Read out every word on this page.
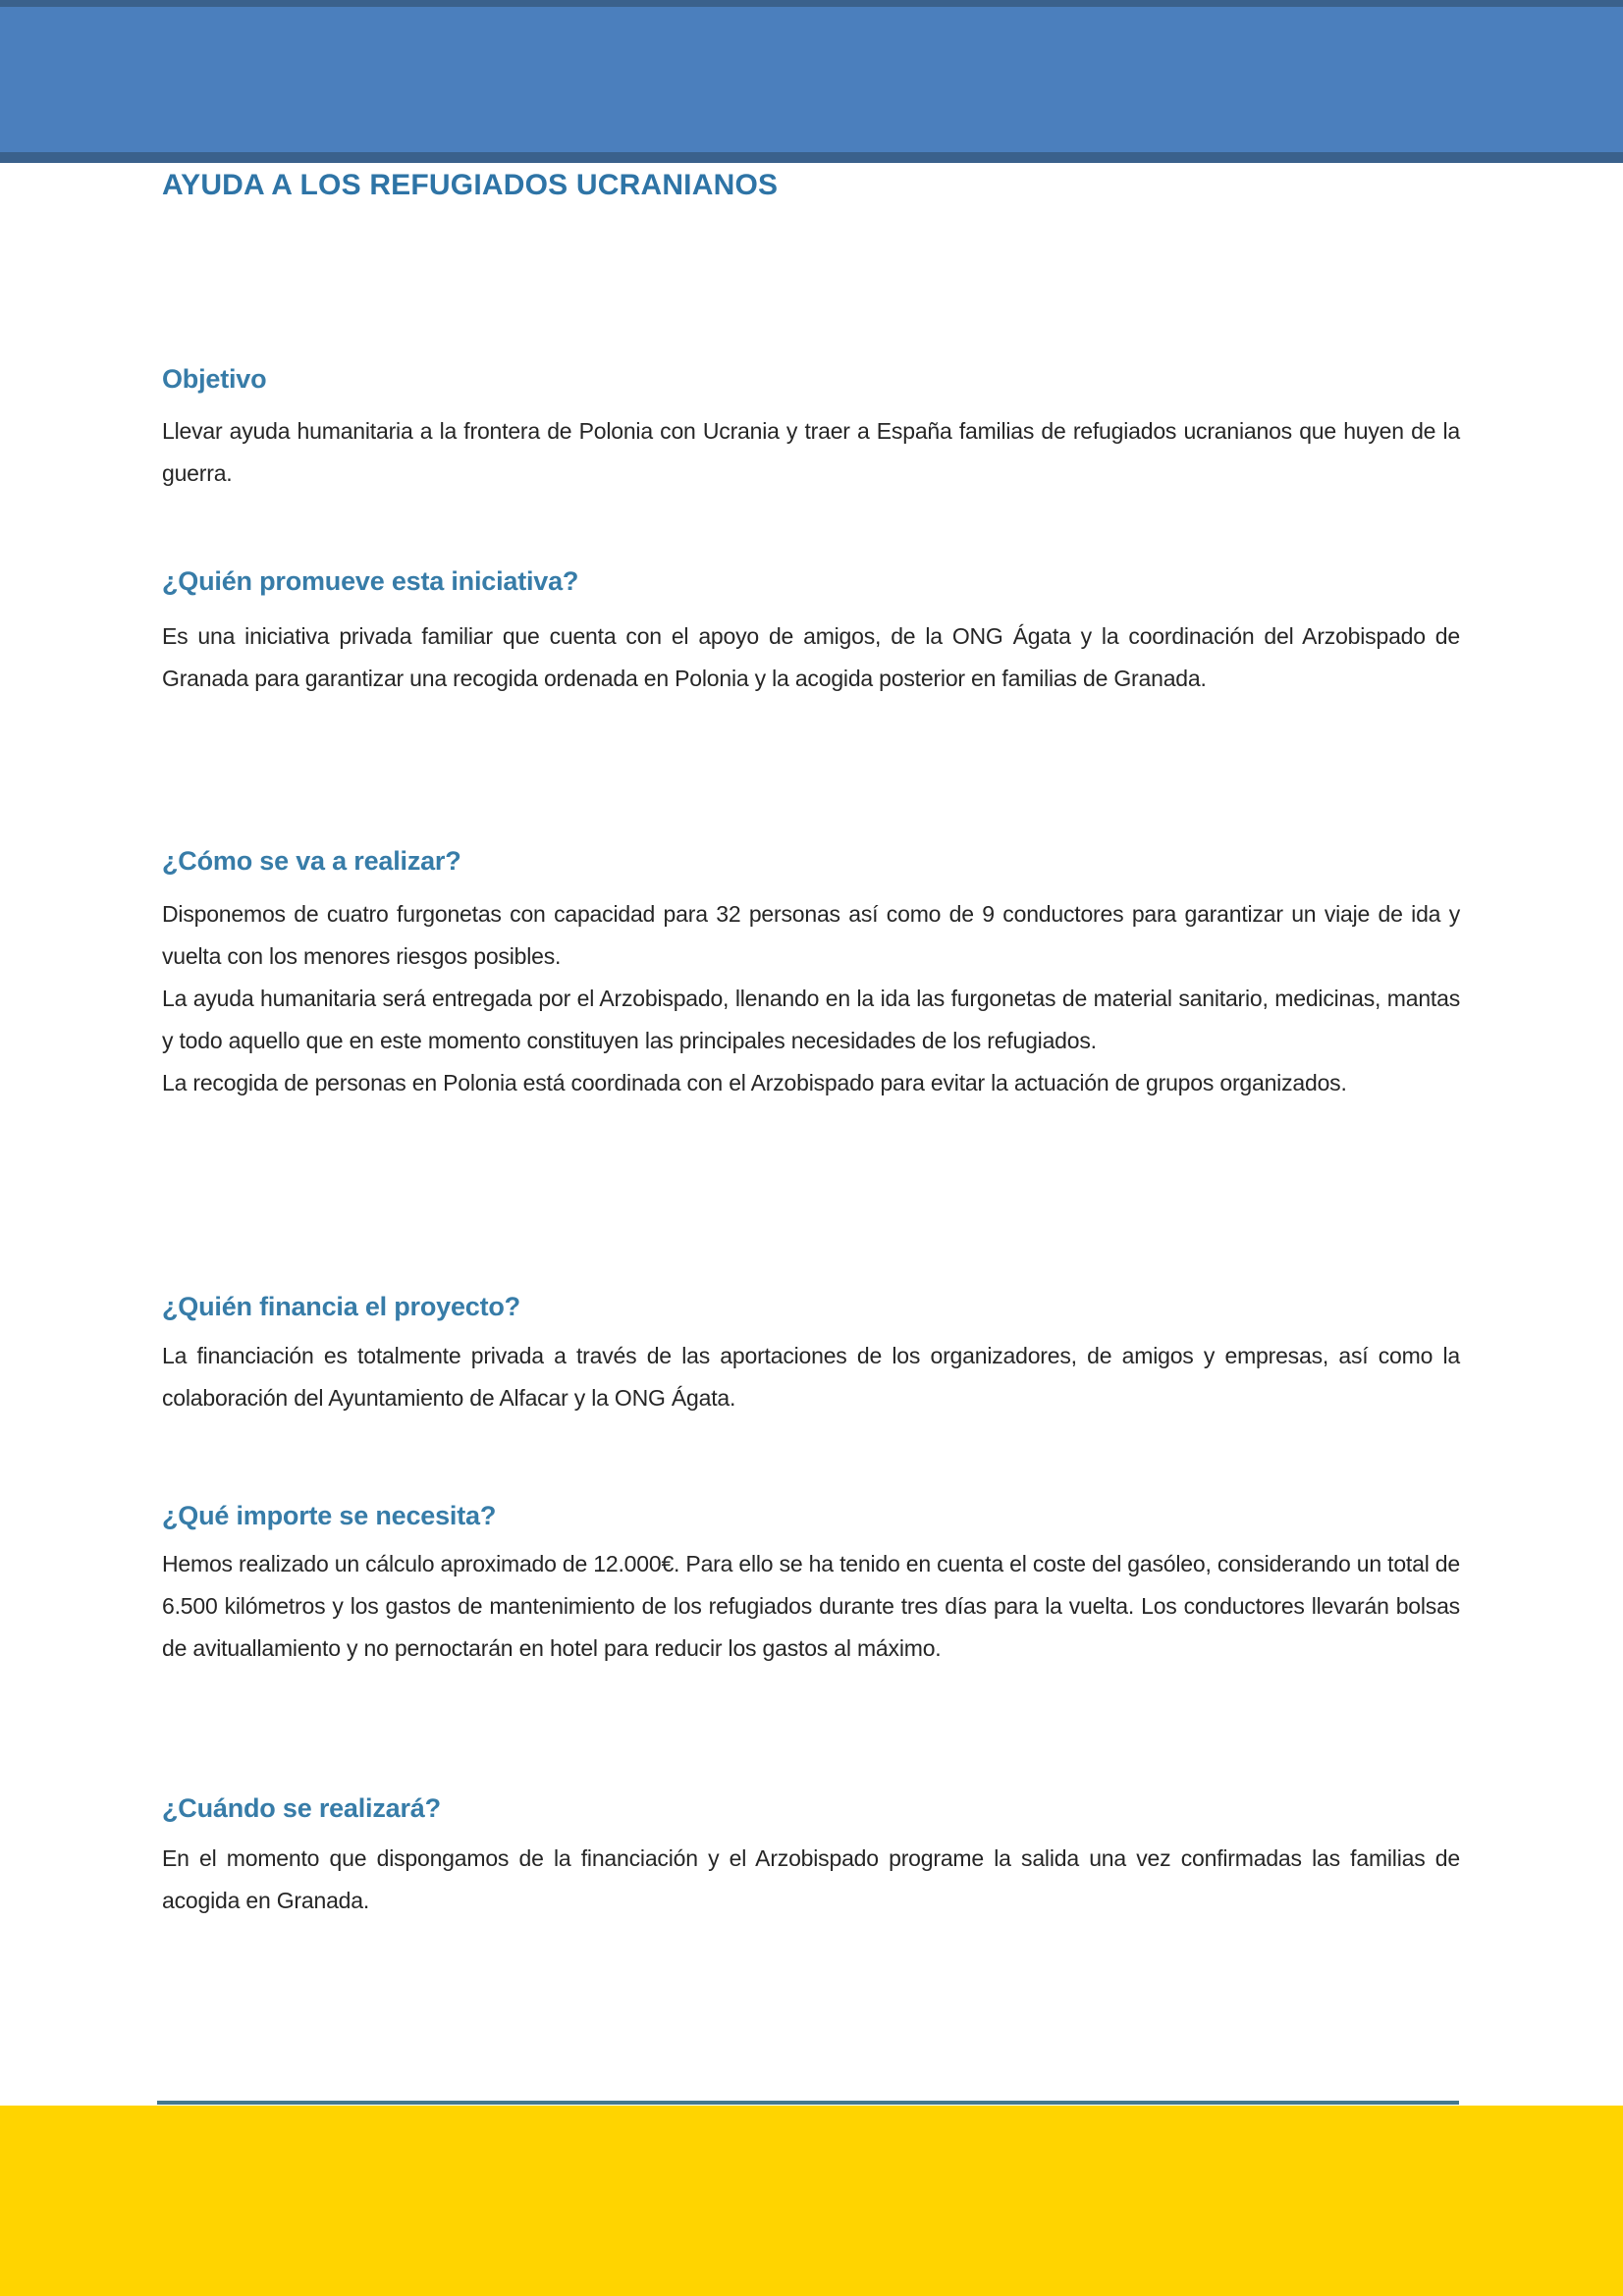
AYUDA A LOS REFUGIADOS UCRANIANOS
Objetivo

Llevar ayuda humanitaria a la frontera de Polonia con Ucrania y traer a España familias de refugiados ucranianos que huyen de la guerra.

¿Quién promueve esta iniciativa?

Es una iniciativa privada familiar que cuenta con el apoyo de amigos, de la ONG Ágata y la coordinación del Arzobispado de Granada para garantizar una recogida ordenada en Polonia y la acogida posterior en familias de Granada.

¿Cómo se va a realizar?

Disponemos de cuatro furgonetas con capacidad para 32 personas así como de 9 conductores para garantizar un viaje de ida y vuelta con los menores riesgos posibles.

La ayuda humanitaria será entregada por el Arzobispado, llenando en la ida las furgonetas de material sanitario, medicinas, mantas y todo aquello que en este momento constituyen las principales necesidades de los refugiados.

La recogida de personas en Polonia está coordinada con el Arzobispado para evitar la actuación de grupos organizados.

¿Quién financia el proyecto?

La financiación es totalmente privada a través de las aportaciones de los organizadores, de amigos y empresas, así como la colaboración del Ayuntamiento de Alfacar y la ONG Ágata.

¿Qué importe se necesita?

Hemos realizado un cálculo aproximado de 12.000€. Para ello se ha tenido en cuenta el coste del gasóleo, considerando un total de 6.500 kilómetros y los gastos de mantenimiento de los refugiados durante tres días para la vuelta. Los conductores llevarán bolsas de avituallamiento y no pernoctarán en hotel para reducir los gastos al máximo.

¿Cuándo se realizará?

En el momento que dispongamos de la financiación y el Arzobispado programe la salida una vez confirmadas las familias de acogida en Granada.
